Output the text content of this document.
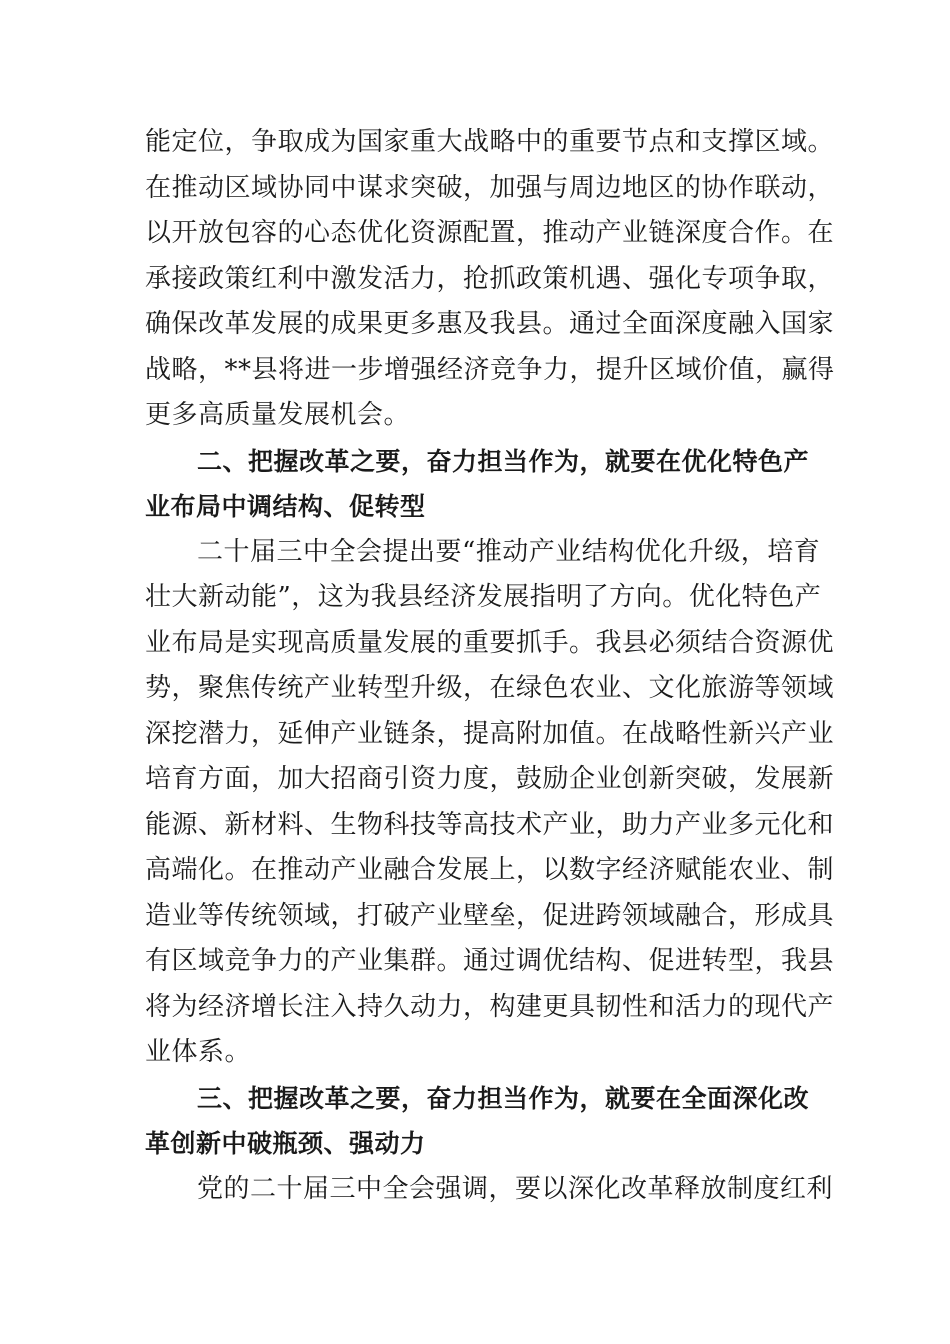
能定位，争取成为国家重大战略中的重要节点和支撑区域。
在推动区域协同中谋求突破，加强与周边地区的协作联动，
以开放包容的心态优化资源配置，推动产业链深度合作。在
承接政策红利中激发活力，抢抓政策机遇、强化专项争取，
确保改革发展的成果更多惠及我县。通过全面深度融入国家
战略，**县将进一步增强经济竞争力，提升区域价值，赢得
更多高质量发展机会。
二、把握改革之要，奋力担当作为，就要在优化特色产
业布局中调结构、促转型
二十届三中全会提出要“推动产业结构优化升级，培育
壮大新动能”，这为我县经济发展指明了方向。优化特色产
业布局是实现高质量发展的重要抓手。我县必须结合资源优
势，聚焦传统产业转型升级，在绿色农业、文化旅游等领域
深挖潜力，延伸产业链条，提高附加值。在战略性新兴产业
培育方面，加大招商引资力度，鼓励企业创新突破，发展新
能源、新材料、生物科技等高技术产业，助力产业多元化和
高端化。在推动产业融合发展上，以数字经济赋能农业、制
造业等传统领域，打破产业壁垒，促进跨领域融合，形成具
有区域竞争力的产业集群。通过调优结构、促进转型，我县
将为经济增长注入持久动力，构建更具韧性和活力的现代产
业体系。
三、把握改革之要，奋力担当作为，就要在全面深化改
革创新中破瓶颈、强动力
党的二十届三中全会强调，要以深化改革释放制度红利
